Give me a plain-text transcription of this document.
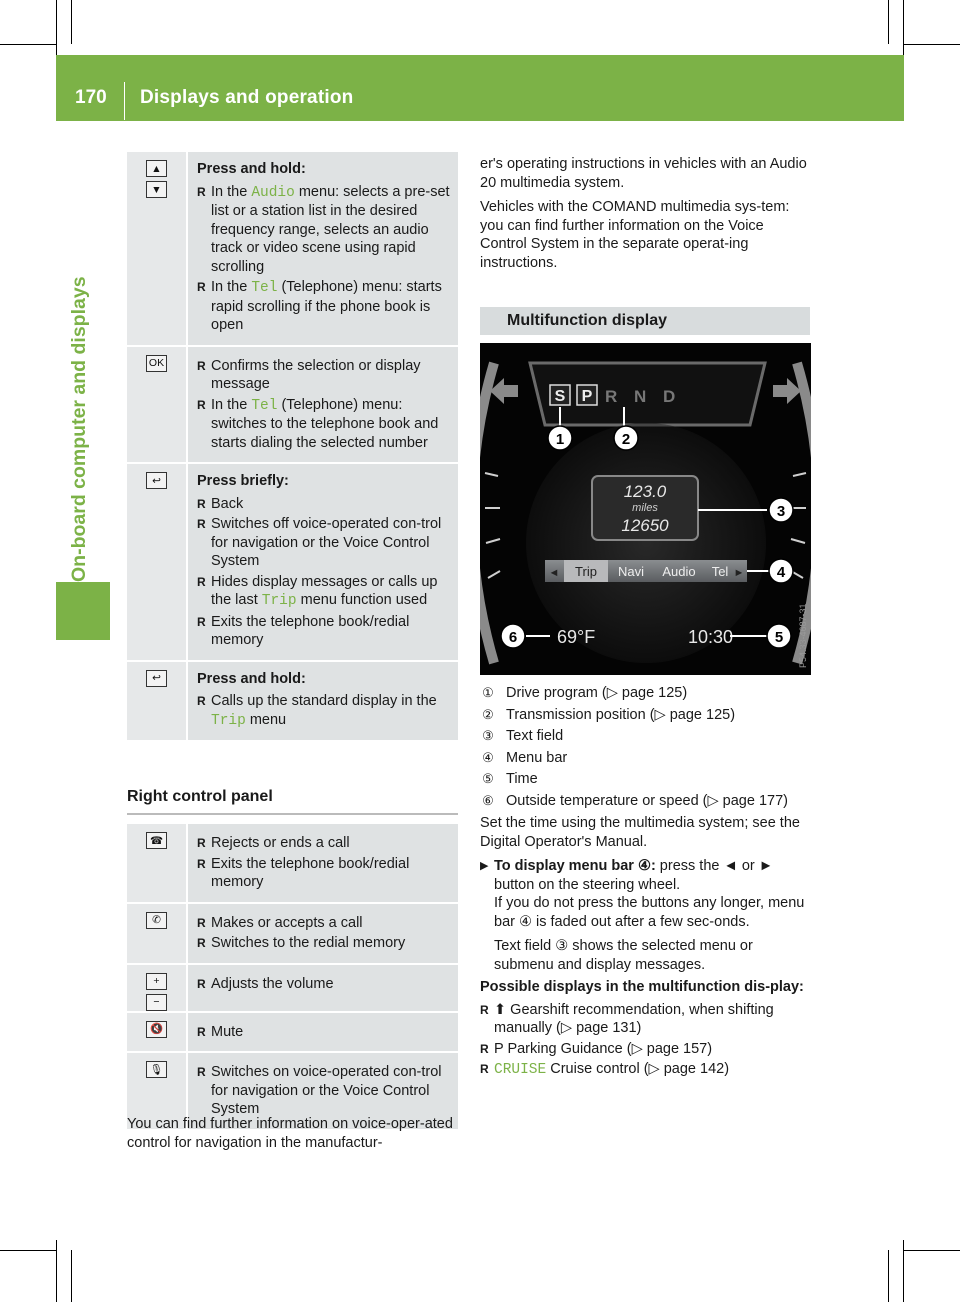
170 Displays and operation
On-board computer and displays
▲
▼
Press and hold:
R In the Audio menu: selects a pre-set list or a station list in the desired frequency range, selects an audio track or video scene using rapid scrolling
R In the Tel (Telephone) menu: starts rapid scrolling if the phone book is open
OK	R Confirms the selection or display message
R In the Tel (Telephone) menu: switches to the telephone book and starts dialing the selected number
↩	Press briefly:
R Back
R Switches off voice-operated con-trol for navigation or the Voice Control System
R Hides display messages or calls up the last Trip menu function used
R Exits the telephone book/redial memory
↩	Press and hold:
R Calls up the standard display in the Trip menu
Right control panel
☎	R Rejects or ends a call
R Exits the telephone book/redial memory
✆	R Makes or accepts a call
R Switches to the redial memory
+
−
R Adjusts the volume
🔇	R Mute
🎙	R Switches on voice-operated con-trol for navigation or the Voice Control System
You can find further information on voice-oper-ated control for navigation in the manufactur-

er's operating instructions in vehicles with an Audio 20 multimedia system.

Vehicles with the COMAND multimedia sys-tem: you can find further information on the Voice Control System in the separate operat-ing instructions.

Multifunction display
S P R N D
123.0
miles
12650
◄ Trip Navi Audio Tel ►
69°F	10:30
1	2
3
4
5
6	P54.33-4687-31
① Drive program (▷ page 125)
② Transmission position (▷ page 125)
③ Text field
④ Menu bar
⑤ Time
⑥ Outside temperature or speed (▷ page 177)

Set the time using the multimedia system; see the Digital Operator's Manual.

▶ To display menu bar ④: press the ◄ or ► button on the steering wheel.

If you do not press the buttons any longer, menu bar ④ is faded out after a few sec-onds.

Text field ③ shows the selected menu or submenu and display messages.

Possible displays in the multifunction dis-play:

R ⬆ Gearshift recommendation, when shifting manually (▷ page 131)
R P Parking Guidance (▷ page 157)
R CRUISE Cruise control (▷ page 142)
